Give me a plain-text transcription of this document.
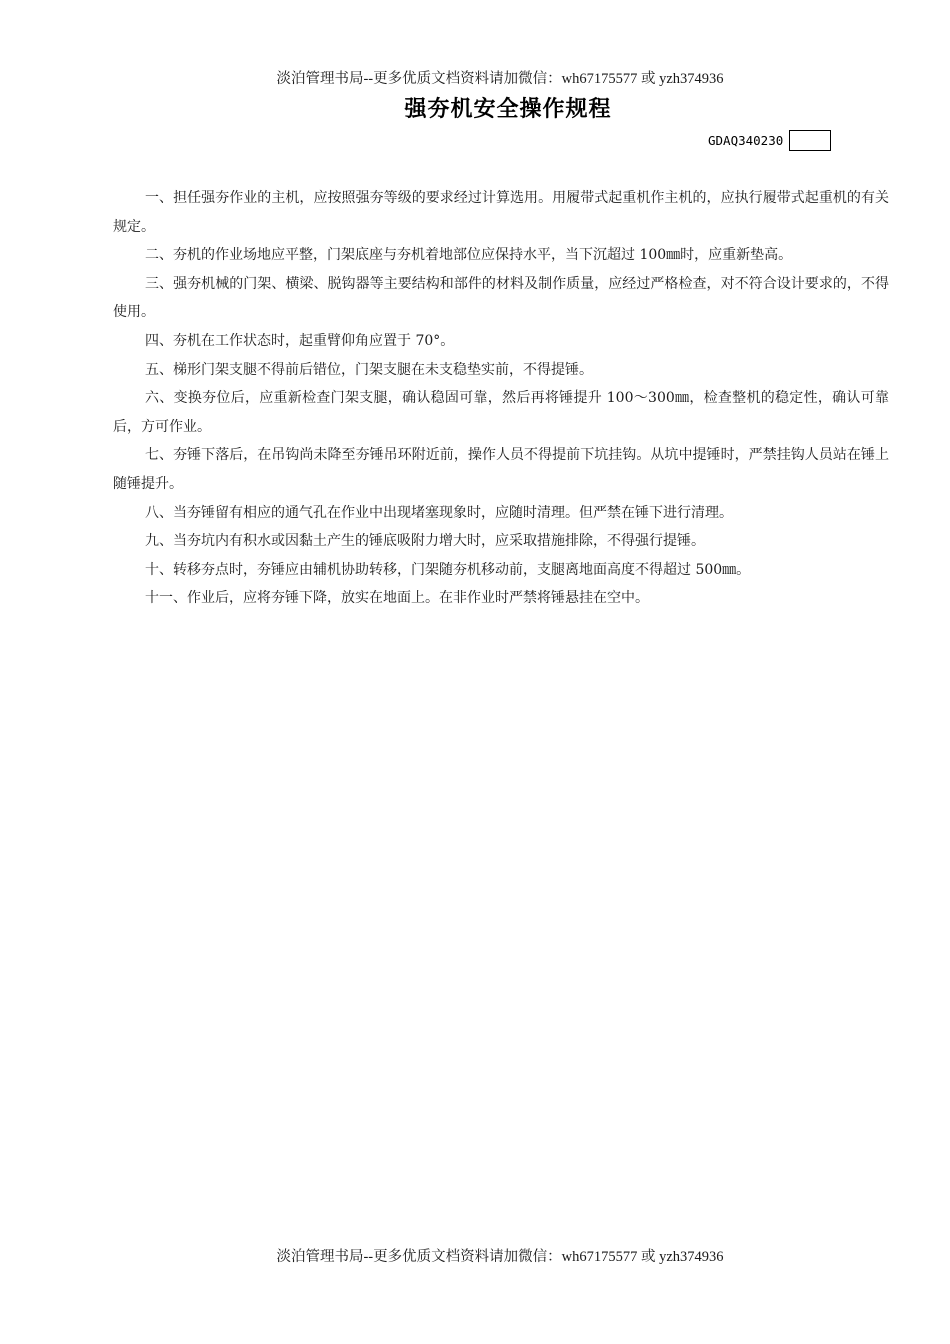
淡泊管理书局--更多优质文档资料请加微信：wh67175577 或 yzh374936
强夯机安全操作规程
GDAQ340230

一、担任强夯作业的主机，应按照强夯等级的要求经过计算选用。用履带式起重机作主机的，应执行履带式起重机的有关规定。

二、夯机的作业场地应平整，门架底座与夯机着地部位应保持水平，当下沉超过 100㎜时，应重新垫高。

三、强夯机械的门架、横梁、脱钩器等主要结构和部件的材料及制作质量，应经过严格检查，对不符合设计要求的，不得使用。

四、夯机在工作状态时，起重臂仰角应置于 70°。

五、梯形门架支腿不得前后错位，门架支腿在未支稳垫实前，不得提锤。

六、变换夯位后，应重新检查门架支腿，确认稳固可靠，然后再将锤提升 100～300㎜，检查整机的稳定性，确认可靠后，方可作业。

七、夯锤下落后，在吊钩尚未降至夯锤吊环附近前，操作人员不得提前下坑挂钩。从坑中提锤时，严禁挂钩人员站在锤上随锤提升。

八、当夯锤留有相应的通气孔在作业中出现堵塞现象时，应随时清理。但严禁在锤下进行清理。

九、当夯坑内有积水或因黏土产生的锤底吸附力增大时，应采取措施排除，不得强行提锤。

十、转移夯点时，夯锤应由辅机协助转移，门架随夯机移动前，支腿离地面高度不得超过 500㎜。

十一、作业后，应将夯锤下降，放实在地面上。在非作业时严禁将锤悬挂在空中。

淡泊管理书局--更多优质文档资料请加微信：wh67175577 或 yzh374936
